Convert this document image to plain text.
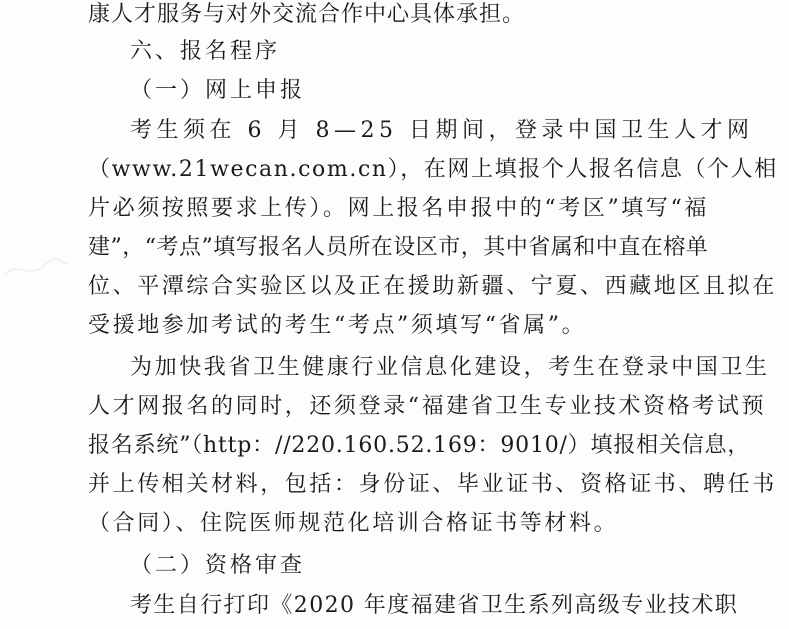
康人才服务与对外交流合作中心具体承担。
六、报名程序
（一）网上申报
考生须在 6 月 8—25 日期间，登录中国卫生人才网
（www.21wecan.com.cn），在网上填报个人报名信息（个人相
片必须按照要求上传）。网上报名申报中的“考区”填写“福
建”，“考点”填写报名人员所在设区市，其中省属和中直在榕单
位、平潭综合实验区以及正在援助新疆、宁夏、西藏地区且拟在
受援地参加考试的考生“考点”须填写“省属”。
为加快我省卫生健康行业信息化建设，考生在登录中国卫生
人才网报名的同时，还须登录“福建省卫生专业技术资格考试预
报名系统”（http：//220.160.52.169：9010/）填报相关信息，
并上传相关材料，包括：身份证、毕业证书、资格证书、聘任书
（合同）、住院医师规范化培训合格证书等材料。
（二）资格审查
考生自行打印《2020 年度福建省卫生系列高级专业技术职
